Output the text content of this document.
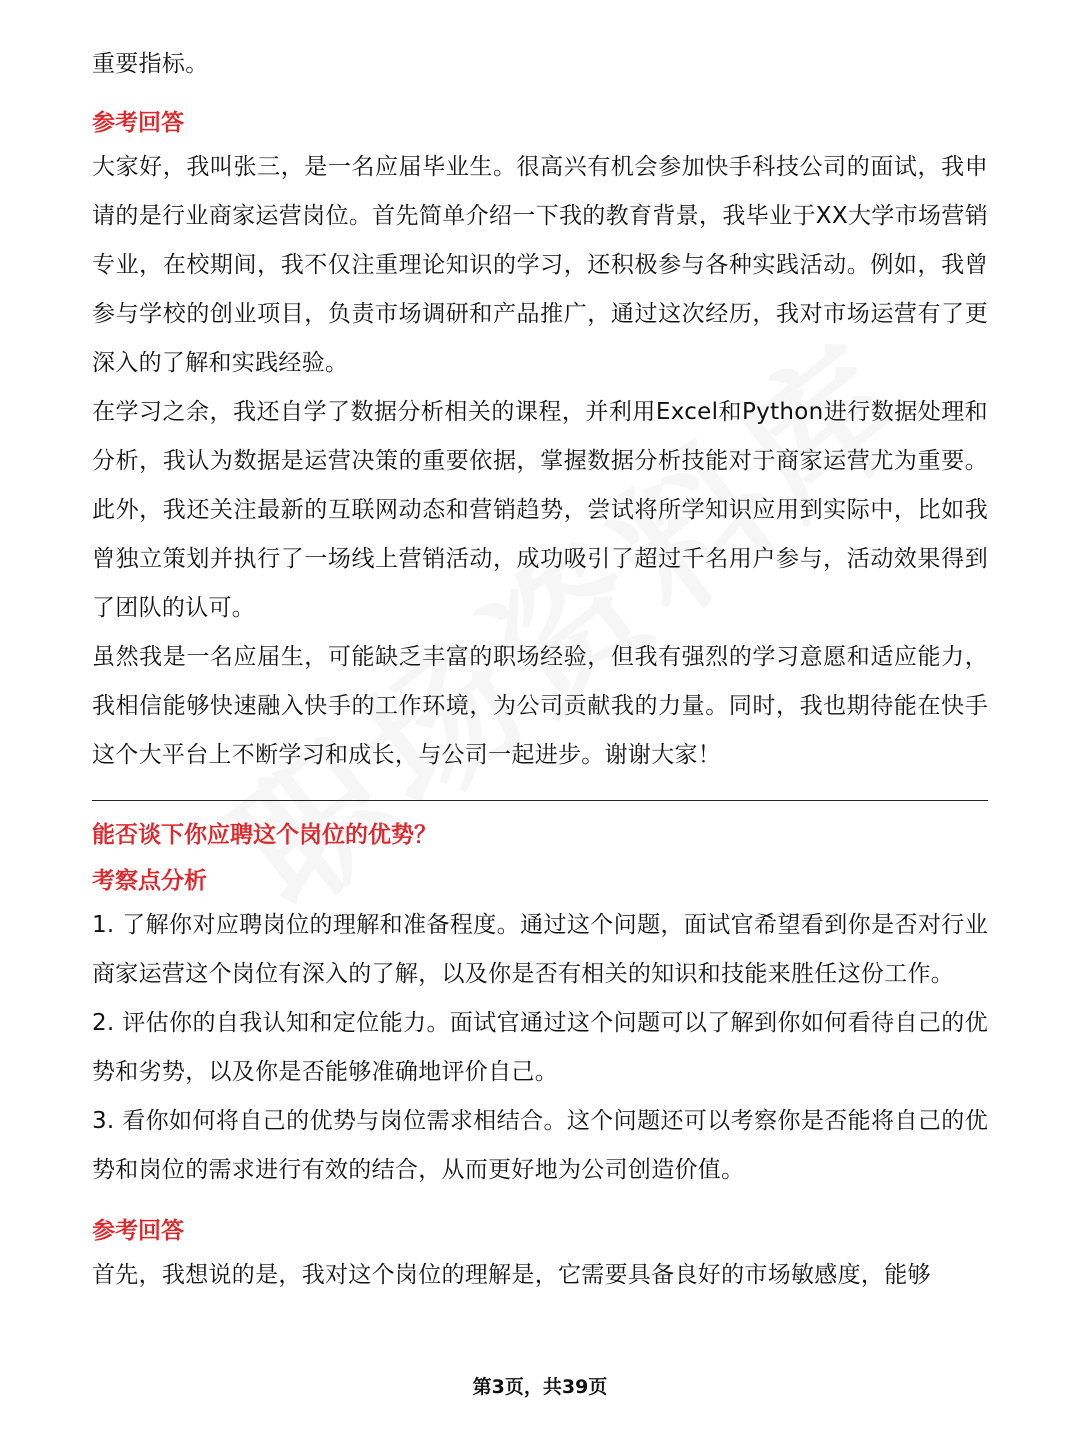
重要指标。

参考回答

大家好，我叫张三，是一名应届毕业生。很高兴有机会参加快手科技公司的面试，我申请的是行业商家运营岗位。首先简单介绍一下我的教育背景，我毕业于XX大学市场营销专业，在校期间，我不仅注重理论知识的学习，还积极参与各种实践活动。例如，我曾参与学校的创业项目，负责市场调研和产品推广，通过这次经历，我对市场运营有了更深入的了解和实践经验。

在学习之余，我还自学了数据分析相关的课程，并利用Excel和Python进行数据处理和分析，我认为数据是运营决策的重要依据，掌握数据分析技能对于商家运营尤为重要。此外，我还关注最新的互联网动态和营销趋势，尝试将所学知识应用到实际中，比如我曾独立策划并执行了一场线上营销活动，成功吸引了超过千名用户参与，活动效果得到了团队的认可。

虽然我是一名应届生，可能缺乏丰富的职场经验，但我有强烈的学习意愿和适应能力，我相信能够快速融入快手的工作环境，为公司贡献我的力量。同时，我也期待能在快手这个大平台上不断学习和成长，与公司一起进步。谢谢大家！

能否谈下你应聘这个岗位的优势？

考察点分析

1. 了解你对应聘岗位的理解和准备程度。通过这个问题，面试官希望看到你是否对行业商家运营这个岗位有深入的了解，以及你是否有相关的知识和技能来胜任这份工作。

2. 评估你的自我认知和定位能力。面试官通过这个问题可以了解到你如何看待自己的优势和劣势，以及你是否能够准确地评价自己。

3. 看你如何将自己的优势与岗位需求相结合。这个问题还可以考察你是否能将自己的优势和岗位的需求进行有效的结合，从而更好地为公司创造价值。

参考回答

首先，我想说的是，我对这个岗位的理解是，它需要具备良好的市场敏感度，能够

第3页，共39页
